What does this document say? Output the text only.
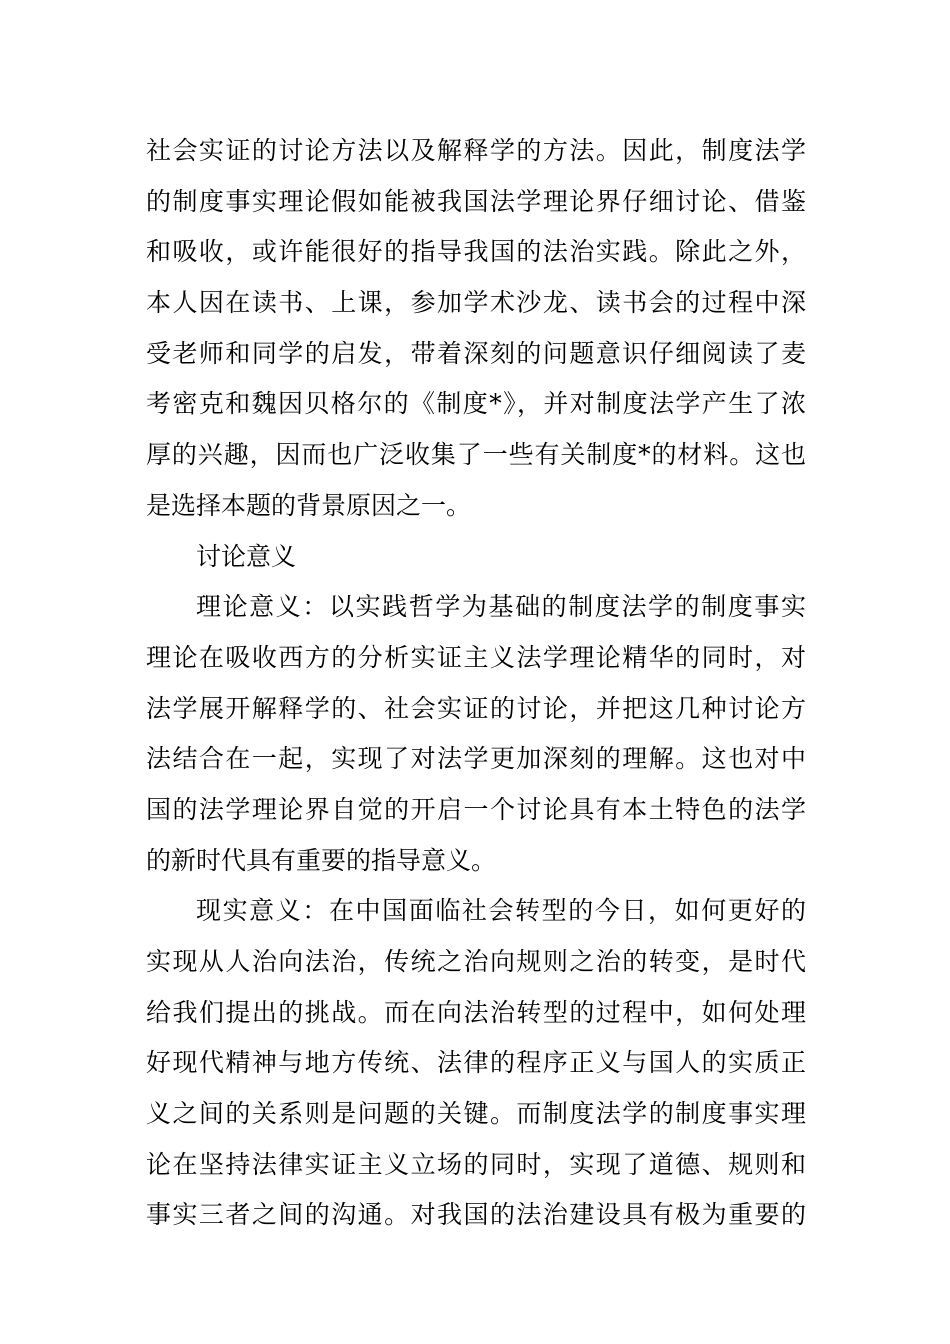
社会实证的讨论方法以及解释学的方法。因此，制度法学
的制度事实理论假如能被我国法学理论界仔细讨论、借鉴
和吸收，或许能很好的指导我国的法治实践。除此之外，
本人因在读书、上课，参加学术沙龙、读书会的过程中深
受老师和同学的启发，带着深刻的问题意识仔细阅读了麦
考密克和魏因贝格尔的《制度*》，并对制度法学产生了浓
厚的兴趣，因而也广泛收集了一些有关制度*的材料。这也
是选择本题的背景原因之一。
讨论意义
理论意义：以实践哲学为基础的制度法学的制度事实
理论在吸收西方的分析实证主义法学理论精华的同时，对
法学展开解释学的、社会实证的讨论，并把这几种讨论方
法结合在一起，实现了对法学更加深刻的理解。这也对中
国的法学理论界自觉的开启一个讨论具有本土特色的法学
的新时代具有重要的指导意义。
现实意义：在中国面临社会转型的今日，如何更好的
实现从人治向法治，传统之治向规则之治的转变，是时代
给我们提出的挑战。而在向法治转型的过程中，如何处理
好现代精神与地方传统、法律的程序正义与国人的实质正
义之间的关系则是问题的关键。而制度法学的制度事实理
论在坚持法律实证主义立场的同时，实现了道德、规则和
事实三者之间的沟通。对我国的法治建设具有极为重要的
